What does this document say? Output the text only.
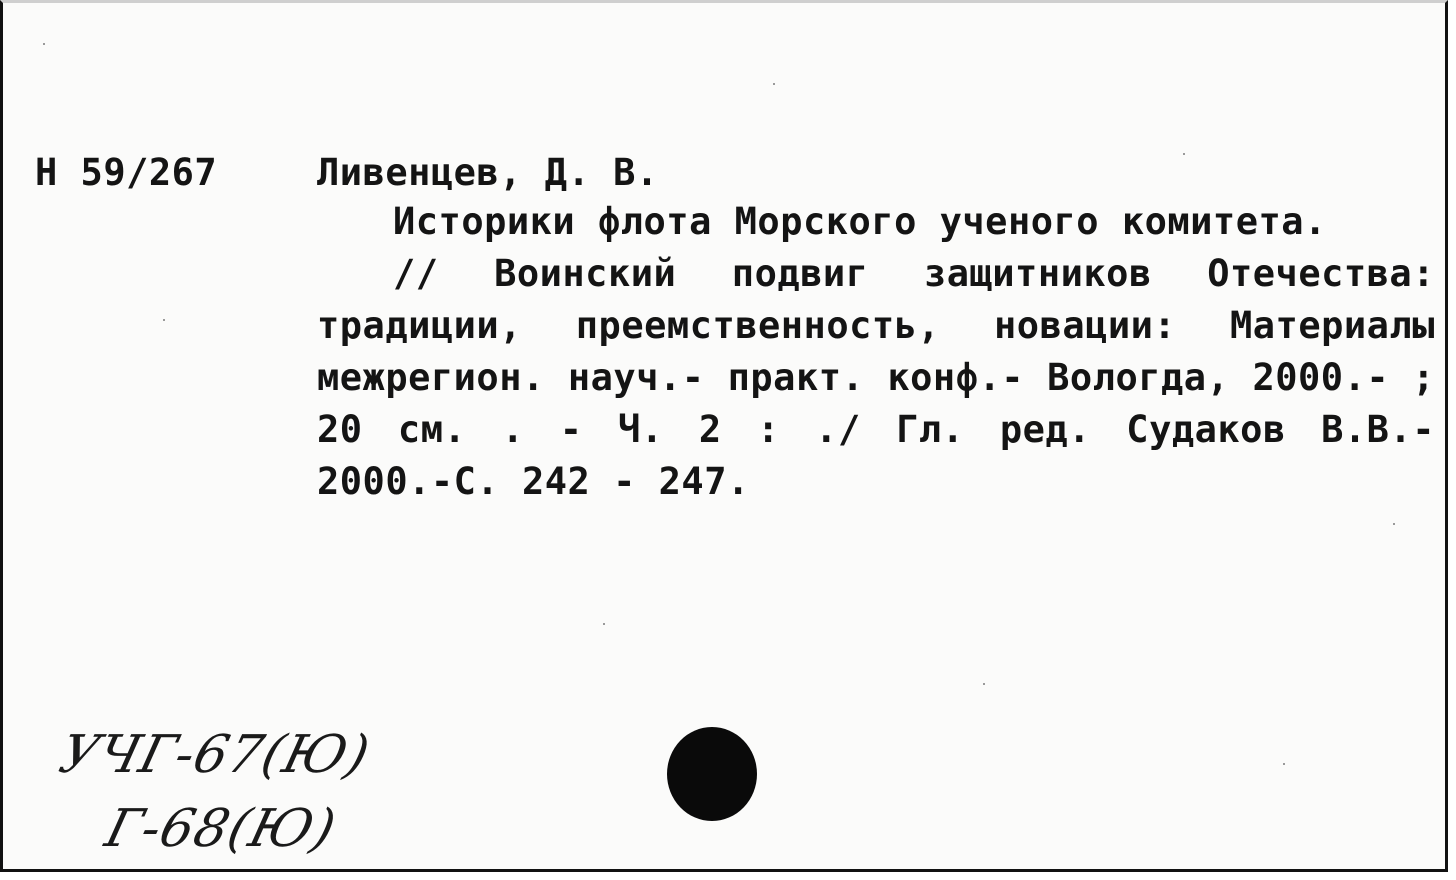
Н 59/267	Ливенцев, Д. В.

Историки флота Морского ученого комитета.

// Воинский подвиг защитников Отечества: традиции, преемственность, новации: Материалы межрегион. науч.- практ. конф.- Вологда, 2000.- ; 20 см. . - Ч. 2 : ./ Гл. ред. Судаков В.В.- 2000.-С. 242 - 247.

УЧГ-67(Ю)
Г-68(Ю)
